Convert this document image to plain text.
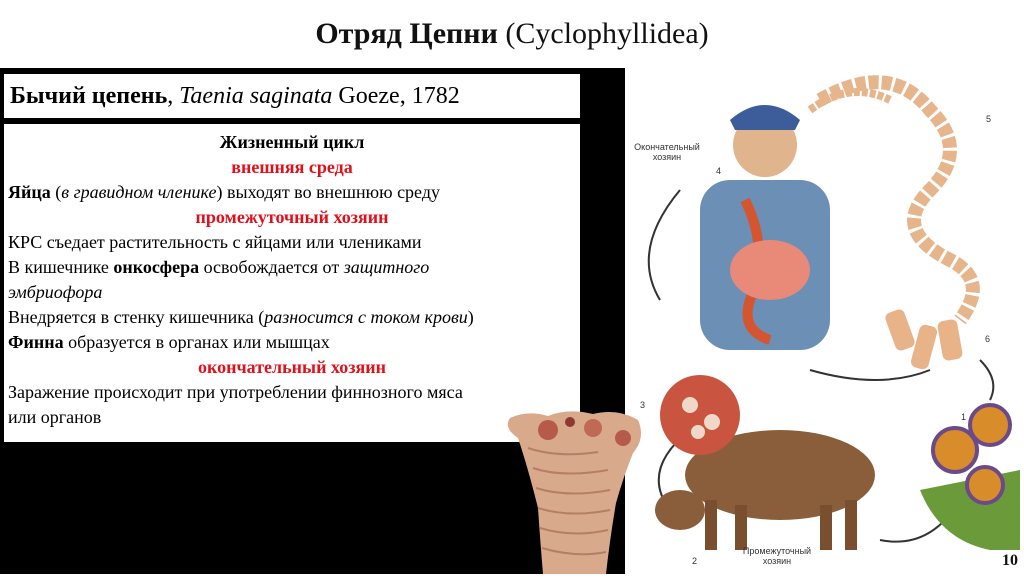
Отряд Цепни (Cyclophyllidea)
Бычий цепень, Taenia saginata Goeze, 1782
Жизненный цикл
внешняя среда
Яйца (в гравидном членике) выходят во внешнюю среду
промежуточный хозяин
КРС съедает растительность с яйцами или члениками
В кишечнике онкосфера освобождается от защитного
эмбриофора
Внедряется в стенку кишечника (разносится с током крови)
Финна образуется в органах или мышцах
окончательный хозяин
Заражение происходит при употреблении финнозного мяса
или органов
Окончательный хозяин
Промежуточный хозяин
1
2
3
4
5
6
10
